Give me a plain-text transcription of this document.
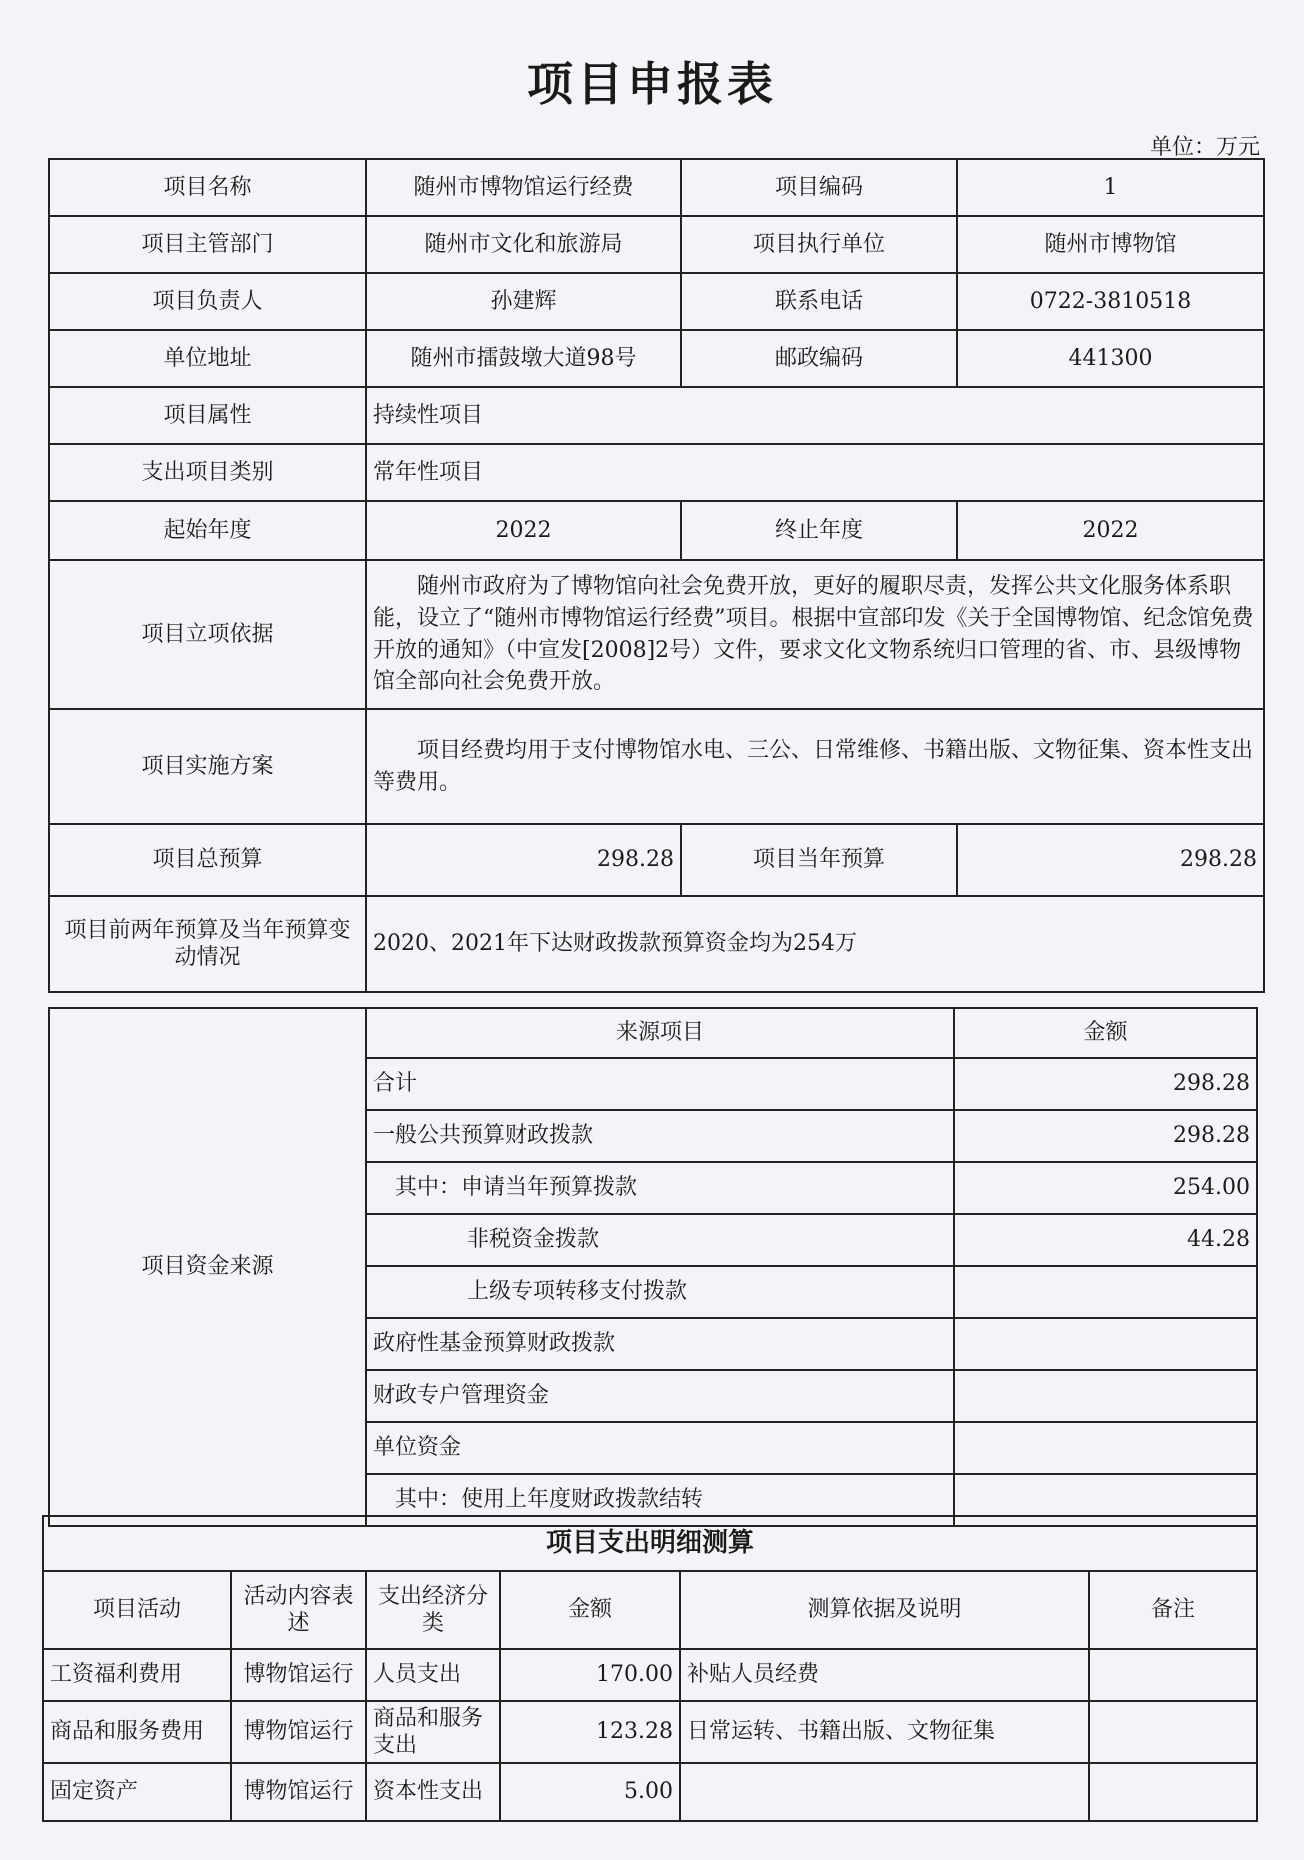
项目申报表
单位：万元
项目名称	随州市博物馆运行经费	项目编码	1
项目主管部门	随州市文化和旅游局	项目执行单位	随州市博物馆
项目负责人	孙建辉	联系电话	0722-3810518
单位地址	随州市擂鼓墩大道98号	邮政编码	441300
项目属性	持续性项目		
支出项目类别	常年性项目		
起始年度	2022	终止年度	2022
项目立项依据	随州市政府为了博物馆向社会免费开放，更好的履职尽责，发挥公共文化服务体系职能，设立了“随州市博物馆运行经费”项目。根据中宣部印发《关于全国博物馆、纪念馆免费开放的通知》（中宣发[2008]2号）文件，要求文化文物系统归口管理的省、市、县级博物馆全部向社会免费开放。		
项目实施方案	项目经费均用于支付博物馆水电、三公、日常维修、书籍出版、文物征集、资本性支出等费用。		
项目总预算	298.28	项目当年预算	298.28
项目前两年预算及当年预算变动情况	2020、2021年下达财政拨款预算资金均为254万		
项目资金来源	来源项目	金额
	合计	298.28
	一般公共预算财政拨款	298.28
	其中：申请当年预算拨款	254.00
	非税资金拨款	44.28
	上级专项转移支付拨款	
	政府性基金预算财政拨款	
	财政专户管理资金	
	单位资金	
	其中：使用上年度财政拨款结转	
项目支出明细测算					
项目活动	活动内容表述	支出经济分类	金额	测算依据及说明	备注
工资福利费用	博物馆运行	人员支出	170.00	补贴人员经费	
商品和服务费用	博物馆运行	商品和服务支出	123.28	日常运转、书籍出版、文物征集	
固定资产	博物馆运行	资本性支出	5.00		
